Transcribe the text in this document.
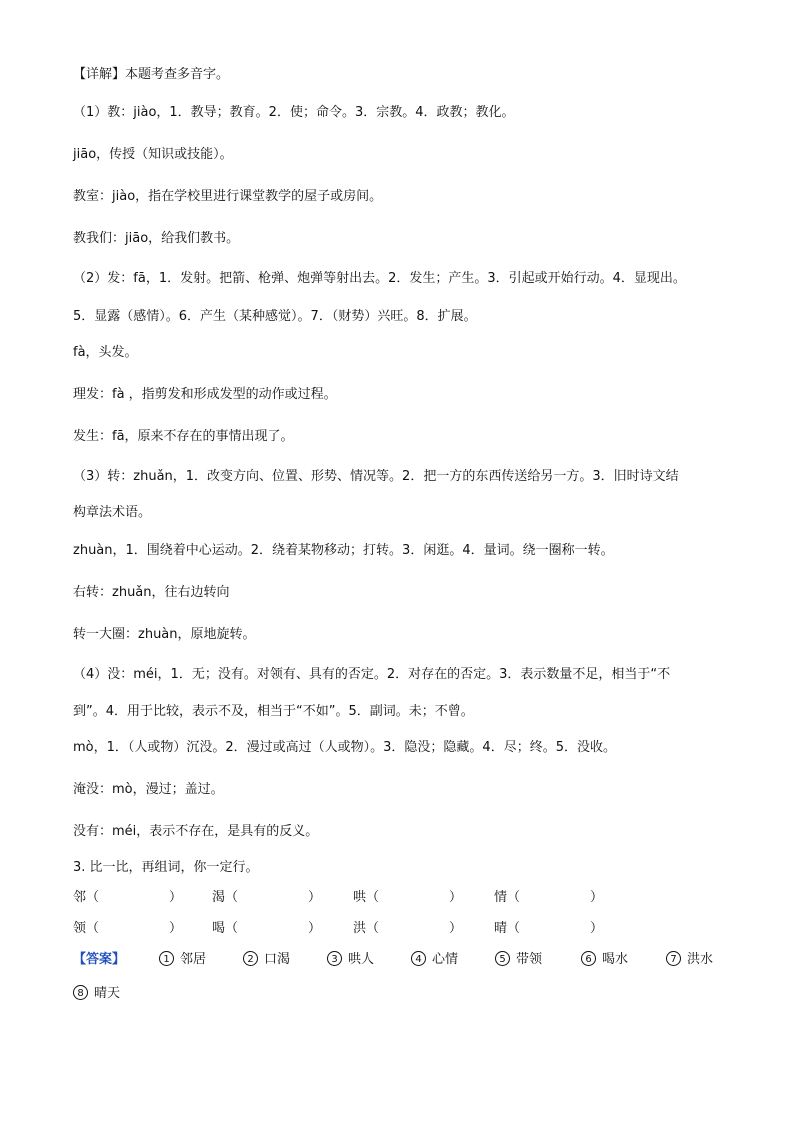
【详解】本题考查多音字。
（1）教：jiào，1．教导；教育。2．使；命令。3．宗教。4．政教；教化。
jiāo，传授（知识或技能）。
教室：jiào，指在学校里进行课堂教学的屋子或房间。
教我们：jiāo，给我们教书。
（2）发：fā，1．发射。把箭、枪弹、炮弹等射出去。2．发生；产生。3．引起或开始行动。4．显现出。
5．显露（感情）。6．产生（某种感觉）。7．（财势）兴旺。8．扩展。
fà，头发。
理发：fà ，指剪发和形成发型的动作或过程。
发生：fā，原来不存在的事情出现了。
（3）转：zhuǎn，1．改变方向、位置、形势、情况等。2．把一方的东西传送给另一方。3．旧时诗文结
构章法术语。
zhuàn，1．围绕着中心运动。2．绕着某物移动；打转。3．闲逛。4．量词。绕一圈称一转。
右转：zhuǎn，往右边转向
转一大圈：zhuàn，原地旋转。
（4）没：méi，1．无；没有。对领有、具有的否定。2．对存在的否定。3．表示数量不足，相当于“不
到”。4．用于比较，表示不及，相当于“不如”。5．副词。未；不曾。
mò，1．（人或物）沉没。2．漫过或高过（人或物）。3．隐没；隐藏。4．尽；终。5．没收。
淹没：mò，漫过；盖过。
没有：méi，表示不存在，是具有的反义。
3. 比一比，再组词，你一定行。
邻（	） 渴（	） 哄（	） 情（	）
领（	） 喝（	） 洪（	） 晴（	）
【答案】	1 邻居	2 口渴	3 哄人	4 心情	5 带领	6 喝水	7 洪水
8 晴天
